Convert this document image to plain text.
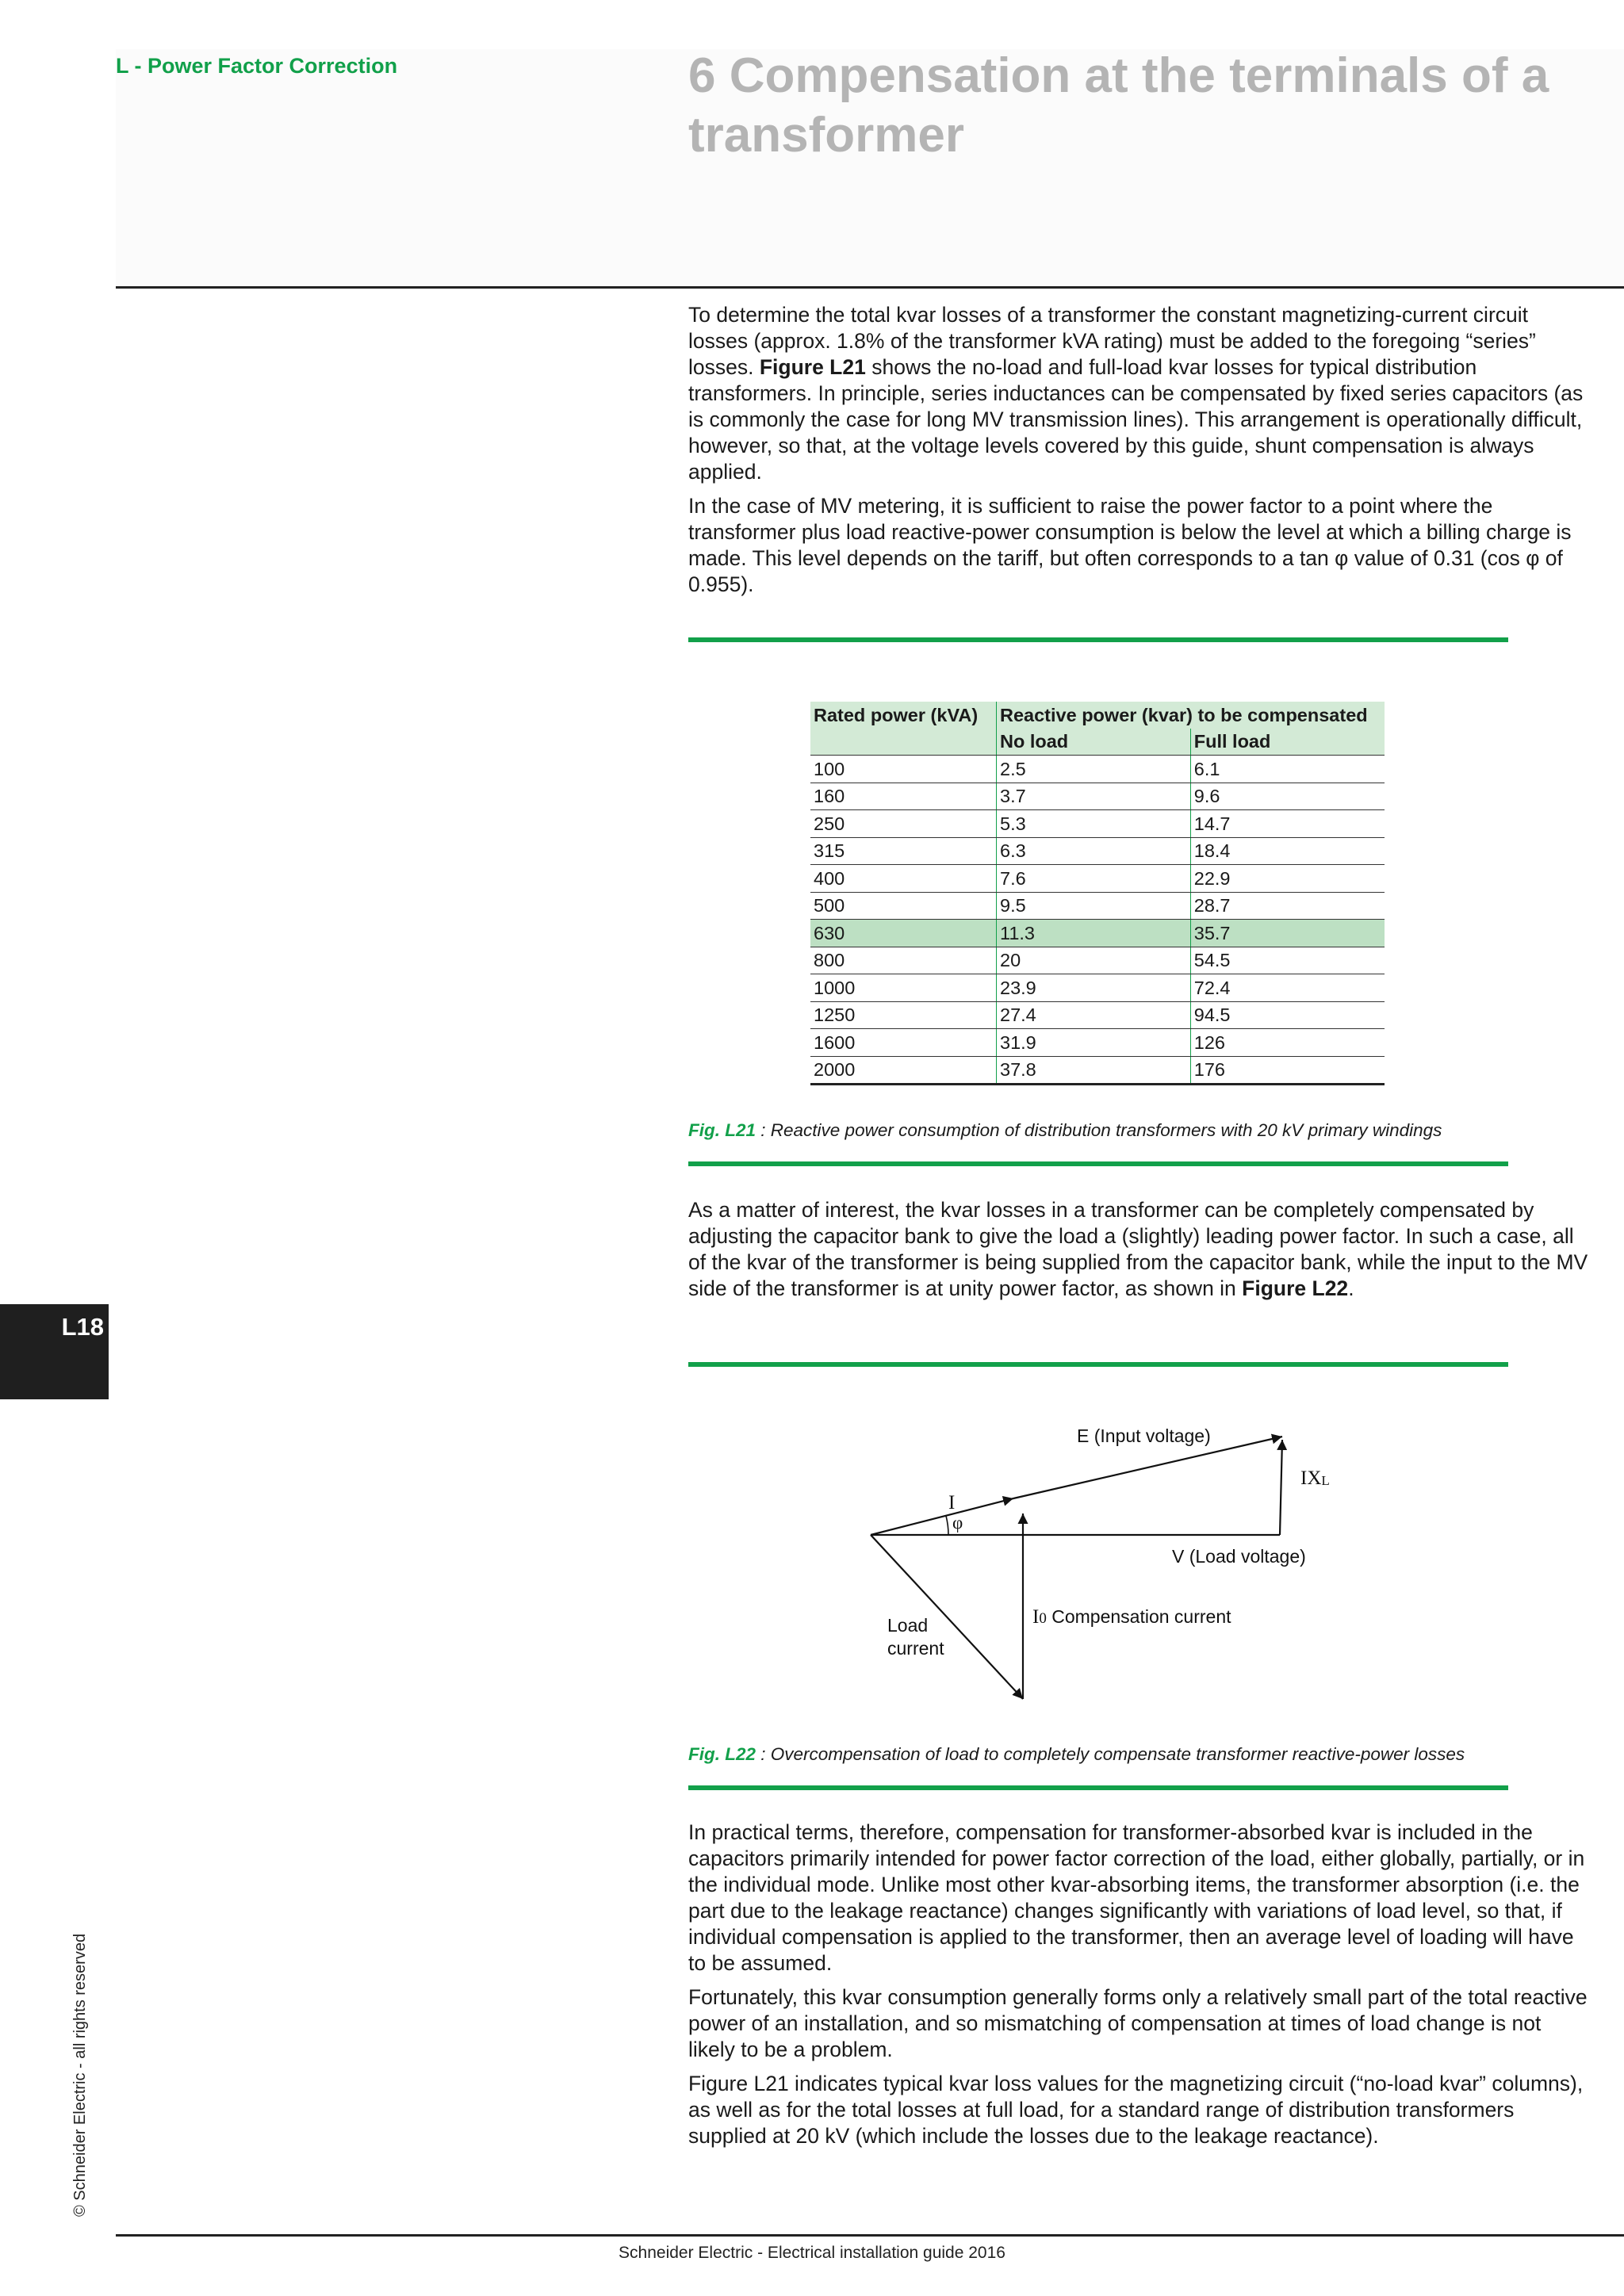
L - Power Factor Correction	6 Compensation at the terminals of a transformer

To determine the total kvar losses of a transformer the constant magnetizing-current circuit losses (approx. 1.8% of the transformer kVA rating) must be added to the foregoing “series” losses. Figure L21 shows the no-load and full-load kvar losses for typical distribution transformers. In principle, series inductances can be compensated by fixed series capacitors (as is commonly the case for long MV transmission lines). This arrangement is operationally difficult, however, so that, at the voltage levels covered by this guide, shunt compensation is always applied.

In the case of MV metering, it is sufficient to raise the power factor to a point where the transformer plus load reactive-power consumption is below the level at which a billing charge is made. This level depends on the tariff, but often corresponds to a tan φ value of 0.31 (cos φ of 0.955).

Rated power (kVA)	Reactive power (kvar) to be compensated	
	No load	Full load
100	2.5	6.1
160	3.7	9.6
250	5.3	14.7
315	6.3	18.4
400	7.6	22.9
500	9.5	28.7
630	11.3	35.7
800	20	54.5
1000	23.9	72.4
1250	27.4	94.5
1600	31.9	126
2000	37.8	176
Fig. L21 : Reactive power consumption of distribution transformers with 20 kV primary windings

As a matter of interest, the kvar losses in a transformer can be completely compensated by adjusting the capacitor bank to give the load a (slightly) leading power factor. In such a case, all of the kvar of the transformer is being supplied from the capacitor bank, while the input to the MV side of the transformer is at unity power factor, as shown in Figure L22.

E (Input voltage)
IXL
I
φ
V (Load voltage)
I0 Compensation current
Load
current
Fig. L22 : Overcompensation of load to completely compensate transformer reactive-power losses

In practical terms, therefore, compensation for transformer-absorbed kvar is included in the capacitors primarily intended for power factor correction of the load, either globally, partially, or in the individual mode. Unlike most other kvar-absorbing items, the transformer absorption (i.e. the part due to the leakage reactance) changes significantly with variations of load level, so that, if individual compensation is applied to the transformer, then an average level of loading will have to be assumed.

Fortunately, this kvar consumption generally forms only a relatively small part of the total reactive power of an installation, and so mismatching of compensation at times of load change is not likely to be a problem.

Figure L21 indicates typical kvar loss values for the magnetizing circuit (“no-load kvar” columns), as well as for the total losses at full load, for a standard range of distribution transformers supplied at 20 kV (which include the losses due to the leakage reactance).

L18
© Schneider Electric - all rights reserved
Schneider Electric - Electrical installation guide 2016
